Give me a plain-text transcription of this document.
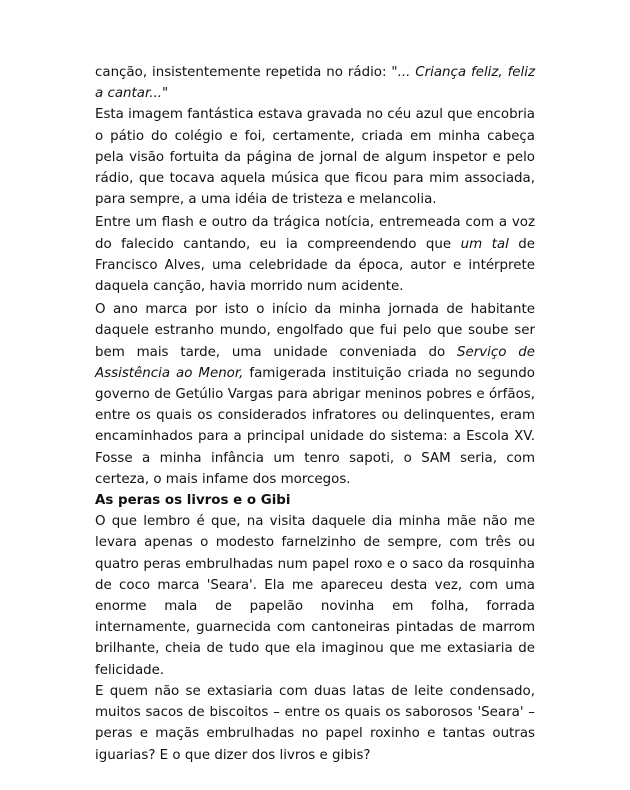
canção, insistentemente repetida no rádio: "... Criança feliz, feliz a cantar..."

Esta imagem fantástica estava gravada no céu azul que encobria o pátio do colégio e foi, certamente, criada em minha cabeça pela visão fortuita da página de jornal de algum inspetor e pelo rádio, que tocava aquela música que ficou para mim associada, para sempre, a uma idéia de tristeza e melancolia.

Entre um flash e outro da trágica notícia, entremeada com a voz do falecido cantando, eu ia compreendendo que um tal de Francisco Alves, uma celebridade da época, autor e intérprete daquela canção, havia morrido num acidente.

O ano marca por isto o início da minha jornada de habitante daquele estranho mundo, engolfado que fui pelo que soube ser bem mais tarde, uma unidade conveniada do Serviço de Assistência ao Menor, famigerada instituição criada no segundo governo de Getúlio Vargas para abrigar meninos pobres e órfãos, entre os quais os considerados infratores ou delinquentes, eram encaminhados para a principal unidade do sistema: a Escola XV. Fosse a minha infância um tenro sapoti, o SAM seria, com certeza, o mais infame dos morcegos.

As peras os livros e o Gibi

O que lembro é que, na visita daquele dia minha mãe não me levara apenas o modesto farnelzinho de sempre, com três ou quatro peras embrulhadas num papel roxo e o saco da rosquinha de coco marca 'Seara'. Ela me apareceu desta vez, com uma enorme mala de papelão novinha em folha, forrada internamente, guarnecida com cantoneiras pintadas de marrom brilhante, cheia de tudo que ela imaginou que me extasiaria de felicidade.

E quem não se extasiaria com duas latas de leite condensado, muitos sacos de biscoitos – entre os quais os saborosos 'Seara' – peras e maçãs embrulhadas no papel roxinho e tantas outras iguarias? E o que dizer dos livros e gibis?
